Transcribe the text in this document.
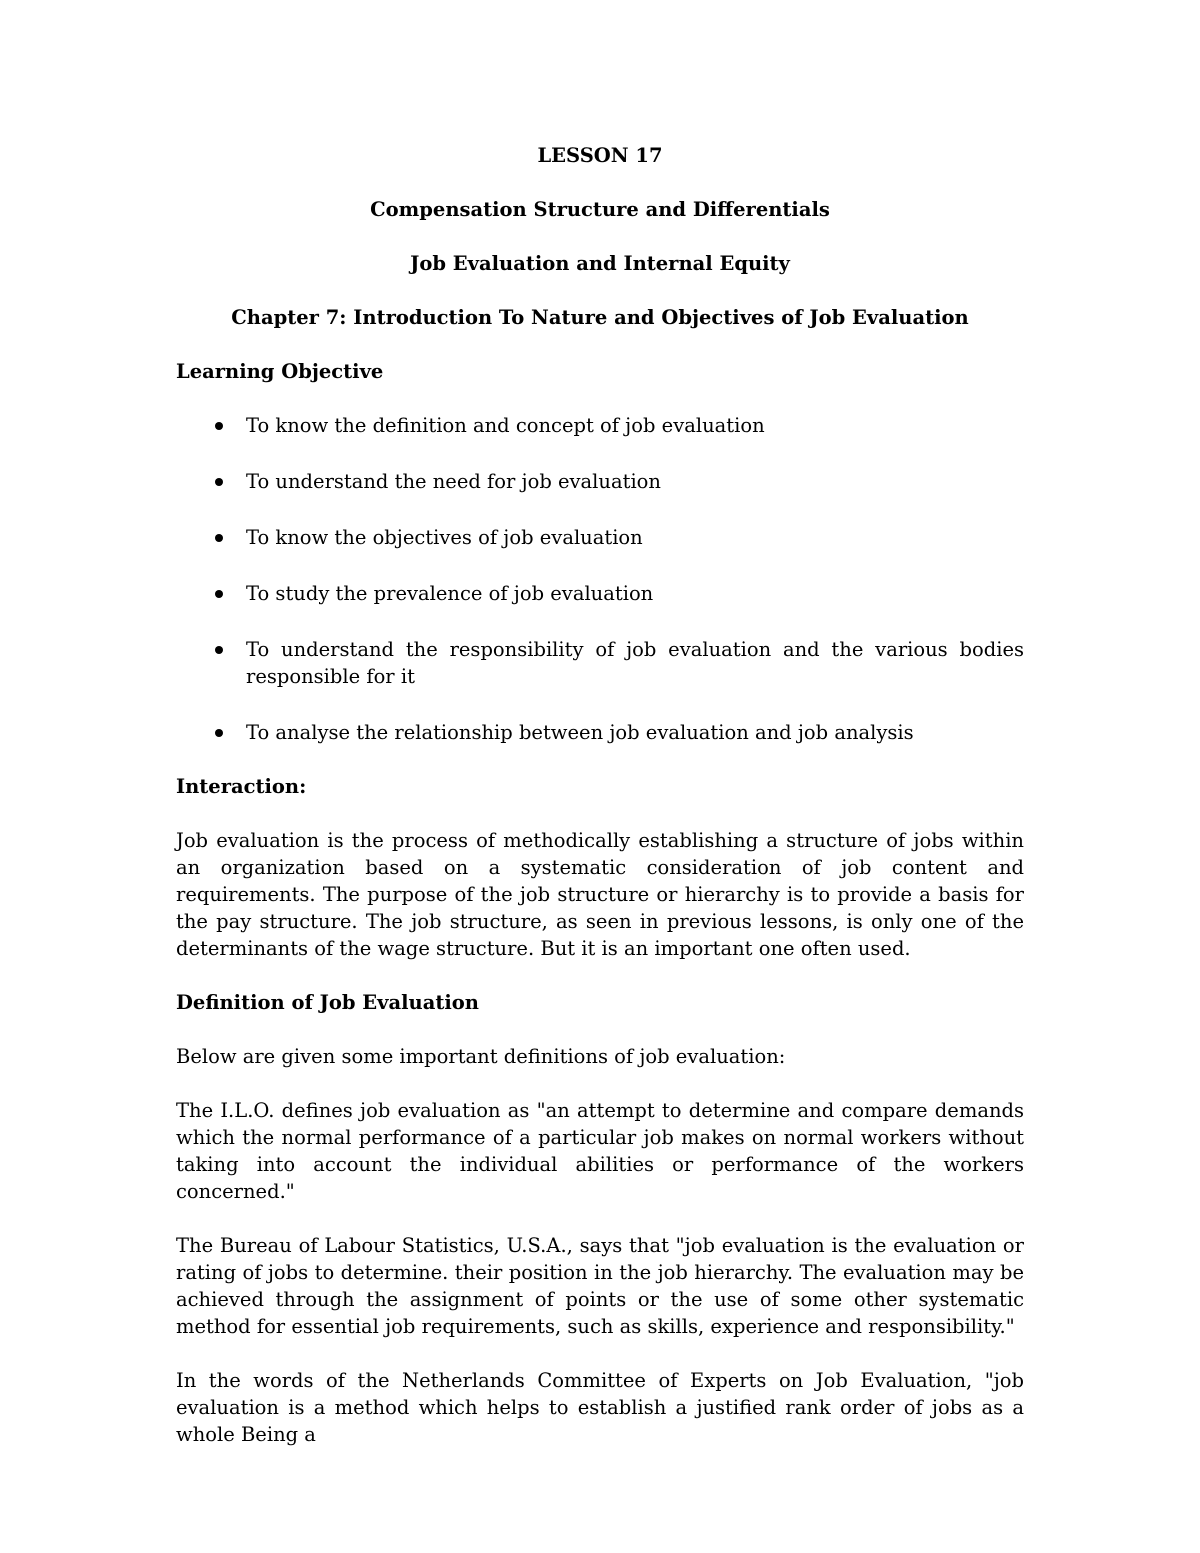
LESSON 17
Compensation Structure and Differentials
Job Evaluation and Internal Equity
Chapter 7: Introduction To Nature and Objectives of Job Evaluation
Learning Objective
To know the definition and concept of job evaluation
To understand the need for job evaluation
To know the objectives of job evaluation
To study the prevalence of job evaluation
To understand the responsibility of job evaluation and the various bodies responsible for it
To analyse the relationship between job evaluation and job analysis
Interaction:

Job evaluation is the process of methodically establishing a structure of jobs within an organization based on a systematic consideration of job content and requirements. The purpose of the job structure or hierarchy is to provide a basis for the pay structure. The job structure, as seen in previous lessons, is only one of the determinants of the wage structure. But it is an important one often used.

Definition of Job Evaluation

Below are given some important definitions of job evaluation:

The I.L.O. defines job evaluation as "an attempt to determine and compare demands which the normal performance of a particular job makes on normal workers without taking into account the individual abilities or performance of the workers concerned."

The Bureau of Labour Statistics, U.S.A., says that "job evaluation is the evaluation or rating of jobs to determine. their position in the job hierarchy. The evaluation may be achieved through the assignment of points or the use of some other systematic method for essential job requirements, such as skills, experience and responsibility."

In the words of the Netherlands Committee of Experts on Job Evaluation, "job evaluation is a method which helps to establish a justified rank order of jobs as a whole Being a
